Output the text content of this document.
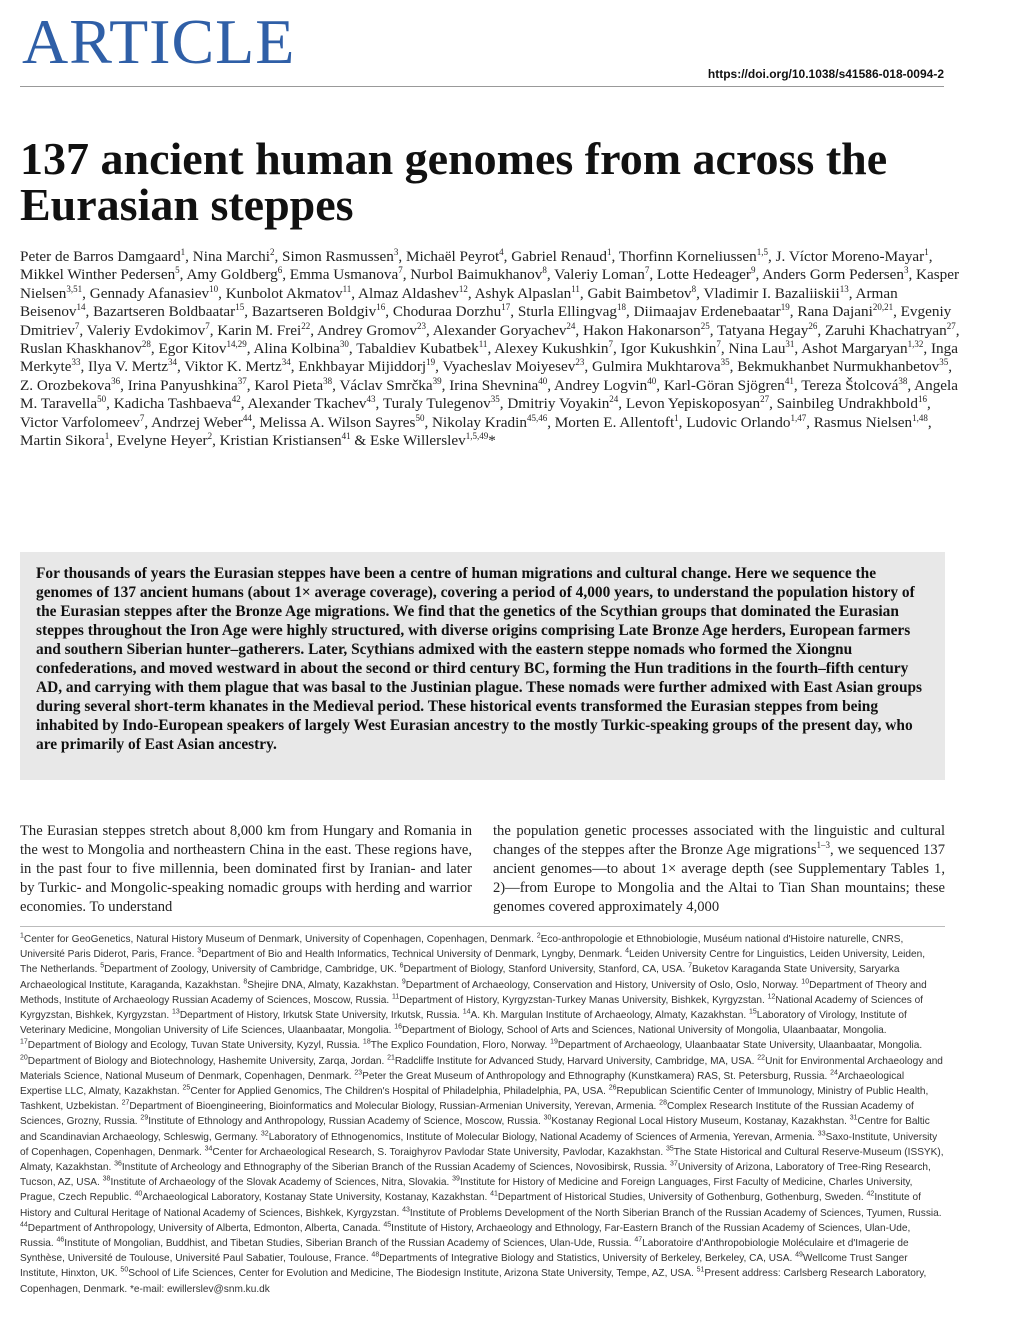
ARTICLE	https://doi.org/10.1038/s41586-018-0094-2
137 ancient human genomes from across the Eurasian steppes

Peter de Barros Damgaard$^1$, Nina Marchi$^2$, Simon Rasmussen$^3$, Michaël Peyrot$^4$, Gabriel Renaud$^1$, Thorfinn Korneliussen$^{1,5}$, J. Víctor Moreno-Mayar$^1$, Mikkel Winther Pedersen$^5$, Amy Goldberg$^6$, Emma Usmanova$^7$, Nurbol Baimukhanov$^8$, Valeriy Loman$^7$, Lotte Hedeager$^9$, Anders Gorm Pedersen$^3$, Kasper Nielsen$^{3,51}$, Gennady Afanasiev$^{10}$, Kunbolot Akmatov$^{11}$, Almaz Aldashev$^{12}$, Ashyk Alpaslan$^{11}$, Gabit Baimbetov$^8$, Vladimir I. Bazaliiskii$^{13}$, Arman Beisenov$^{14}$, Bazartseren Boldbaatar$^{15}$, Bazartseren Boldgiv$^{16}$, Choduraa Dorzhu$^{17}$, Sturla Ellingvag$^{18}$, Diimaajav Erdenebaatar$^{19}$, Rana Dajani$^{20,21}$, Evgeniy Dmitriev$^7$, Valeriy Evdokimov$^7$, Karin M. Frei$^{22}$, Andrey Gromov$^{23}$, Alexander Goryachev$^{24}$, Hakon Hakonarson$^{25}$, Tatyana Hegay$^{26}$, Zaruhi Khachatryan$^{27}$, Ruslan Khaskhanov$^{28}$, Egor Kitov$^{14,29}$, Alina Kolbina$^{30}$, Tabaldiev Kubatbek$^{11}$, Alexey Kukushkin$^7$, Igor Kukushkin$^7$, Nina Lau$^{31}$, Ashot Margaryan$^{1,32}$, Inga Merkyte$^{33}$, Ilya V. Mertz$^{34}$, Viktor K. Mertz$^{34}$, Enkhbayar Mijiddorj$^{19}$, Vyacheslav Moiyesev$^{23}$, Gulmira Mukhtarova$^{35}$, Bekmukhanbet Nurmukhanbetov$^{35}$, Z. Orozbekova$^{36}$, Irina Panyushkina$^{37}$, Karol Pieta$^{38}$, Václav Smrčka$^{39}$, Irina Shevnina$^{40}$, Andrey Logvin$^{40}$, Karl-Göran Sjögren$^{41}$, Tereza Štolcová$^{38}$, Angela M. Taravella$^{50}$, Kadicha Tashbaeva$^{42}$, Alexander Tkachev$^{43}$, Turaly Tulegenov$^{35}$, Dmitriy Voyakin$^{24}$, Levon Yepiskoposyan$^{27}$, Sainbileg Undrakhbold$^{16}$, Victor Varfolomeev$^7$, Andrzej Weber$^{44}$, Melissa A. Wilson Sayres$^{50}$, Nikolay Kradin$^{45,46}$, Morten E. Allentoft$^1$, Ludovic Orlando$^{1,47}$, Rasmus Nielsen$^{1,48}$, Martin Sikora$^1$, Evelyne Heyer$^2$, Kristian Kristiansen$^{41}$ & Eske Willerslev$^{1,5,49}$*

For thousands of years the Eurasian steppes have been a centre of human migrations and cultural change. Here we sequence the genomes of 137 ancient humans (about 1× average coverage), covering a period of 4,000 years, to understand the population history of the Eurasian steppes after the Bronze Age migrations. We find that the genetics of the Scythian groups that dominated the Eurasian steppes throughout the Iron Age were highly structured, with diverse origins comprising Late Bronze Age herders, European farmers and southern Siberian hunter–gatherers. Later, Scythians admixed with the eastern steppe nomads who formed the Xiongnu confederations, and moved westward in about the second or third century BC, forming the Hun traditions in the fourth–fifth century AD, and carrying with them plague that was basal to the Justinian plague. These nomads were further admixed with East Asian groups during several short-term khanates in the Medieval period. These historical events transformed the Eurasian steppes from being inhabited by Indo-European speakers of largely West Eurasian ancestry to the mostly Turkic-speaking groups of the present day, who are primarily of East Asian ancestry.

The Eurasian steppes stretch about 8,000 km from Hungary and Romania in the west to Mongolia and northeastern China in the east. These regions have, in the past four to five millennia, been dominated first by Iranian- and later by Turkic- and Mongolic-speaking nomadic groups with herding and warrior economies. To understand

the population genetic processes associated with the linguistic and cultural changes of the steppes after the Bronze Age migrations$^{1-3}$, we sequenced 137 ancient genomes—to about 1× average depth (see Supplementary Tables 1, 2)—from Europe to Mongolia and the Altai to Tian Shan mountains; these genomes covered approximately 4,000

$^1$Center for GeoGenetics, Natural History Museum of Denmark, University of Copenhagen, Copenhagen, Denmark. $^2$Eco-anthropologie et Ethnobiologie, Muséum national d'Histoire naturelle, CNRS, Université Paris Diderot, Paris, France. $^3$Department of Bio and Health Informatics, Technical University of Denmark, Lyngby, Denmark. $^4$Leiden University Centre for Linguistics, Leiden University, Leiden, The Netherlands. $^5$Department of Zoology, University of Cambridge, Cambridge, UK. $^6$Department of Biology, Stanford University, Stanford, CA, USA. $^7$Buketov Karaganda State University, Saryarka Archaeological Institute, Karaganda, Kazakhstan. $^8$Shejire DNA, Almaty, Kazakhstan. $^9$Department of Archaeology, Conservation and History, University of Oslo, Oslo, Norway. $^{10}$Department of Theory and Methods, Institute of Archaeology Russian Academy of Sciences, Moscow, Russia. $^{11}$Department of History, Kyrgyzstan-Turkey Manas University, Bishkek, Kyrgyzstan. $^{12}$National Academy of Sciences of Kyrgyzstan, Bishkek, Kyrgyzstan. $^{13}$Department of History, Irkutsk State University, Irkutsk, Russia. $^{14}$A. Kh. Margulan Institute of Archaeology, Almaty, Kazakhstan. $^{15}$Laboratory of Virology, Institute of Veterinary Medicine, Mongolian University of Life Sciences, Ulaanbaatar, Mongolia. $^{16}$Department of Biology, School of Arts and Sciences, National University of Mongolia, Ulaanbaatar, Mongolia. $^{17}$Department of Biology and Ecology, Tuvan State University, Kyzyl, Russia. $^{18}$The Explico Foundation, Floro, Norway. $^{19}$Department of Archaeology, Ulaanbaatar State University, Ulaanbaatar, Mongolia. $^{20}$Department of Biology and Biotechnology, Hashemite University, Zarqa, Jordan. $^{21}$Radcliffe Institute for Advanced Study, Harvard University, Cambridge, MA, USA. $^{22}$Unit for Environmental Archaeology and Materials Science, National Museum of Denmark, Copenhagen, Denmark. $^{23}$Peter the Great Museum of Anthropology and Ethnography (Kunstkamera) RAS, St. Petersburg, Russia. $^{24}$Archaeological Expertise LLC, Almaty, Kazakhstan. $^{25}$Center for Applied Genomics, The Children's Hospital of Philadelphia, Philadelphia, PA, USA. $^{26}$Republican Scientific Center of Immunology, Ministry of Public Health, Tashkent, Uzbekistan. $^{27}$Department of Bioengineering, Bioinformatics and Molecular Biology, Russian-Armenian University, Yerevan, Armenia. $^{28}$Complex Research Institute of the Russian Academy of Sciences, Grozny, Russia. $^{29}$Institute of Ethnology and Anthropology, Russian Academy of Science, Moscow, Russia. $^{30}$Kostanay Regional Local History Museum, Kostanay, Kazakhstan. $^{31}$Centre for Baltic and Scandinavian Archaeology, Schleswig, Germany. $^{32}$Laboratory of Ethnogenomics, Institute of Molecular Biology, National Academy of Sciences of Armenia, Yerevan, Armenia. $^{33}$Saxo-Institute, University of Copenhagen, Copenhagen, Denmark. $^{34}$Center for Archaeological Research, S. Toraighyrov Pavlodar State University, Pavlodar, Kazakhstan. $^{35}$The State Historical and Cultural Reserve-Museum (ISSYK), Almaty, Kazakhstan. $^{36}$Institute of Archeology and Ethnography of the Siberian Branch of the Russian Academy of Sciences, Novosibirsk, Russia. $^{37}$University of Arizona, Laboratory of Tree-Ring Research, Tucson, AZ, USA. $^{38}$Institute of Archaeology of the Slovak Academy of Sciences, Nitra, Slovakia. $^{39}$Institute for History of Medicine and Foreign Languages, First Faculty of Medicine, Charles University, Prague, Czech Republic. $^{40}$Archaeological Laboratory, Kostanay State University, Kostanay, Kazakhstan. $^{41}$Department of Historical Studies, University of Gothenburg, Gothenburg, Sweden. $^{42}$Institute of History and Cultural Heritage of National Academy of Sciences, Bishkek, Kyrgyzstan. $^{43}$Institute of Problems Development of the North Siberian Branch of the Russian Academy of Sciences, Tyumen, Russia. $^{44}$Department of Anthropology, University of Alberta, Edmonton, Alberta, Canada. $^{45}$Institute of History, Archaeology and Ethnology, Far-Eastern Branch of the Russian Academy of Sciences, Ulan-Ude, Russia. $^{46}$Institute of Mongolian, Buddhist, and Tibetan Studies, Siberian Branch of the Russian Academy of Sciences, Ulan-Ude, Russia. $^{47}$Laboratoire d'Anthropobiologie Moléculaire et d'Imagerie de Synthèse, Université de Toulouse, Université Paul Sabatier, Toulouse, France. $^{48}$Departments of Integrative Biology and Statistics, University of Berkeley, Berkeley, CA, USA. $^{49}$Wellcome Trust Sanger Institute, Hinxton, UK. $^{50}$School of Life Sciences, Center for Evolution and Medicine, The Biodesign Institute, Arizona State University, Tempe, AZ, USA. $^{51}$Present address: Carlsberg Research Laboratory, Copenhagen, Denmark. *e-mail: ewillerslev@snm.ku.dk
